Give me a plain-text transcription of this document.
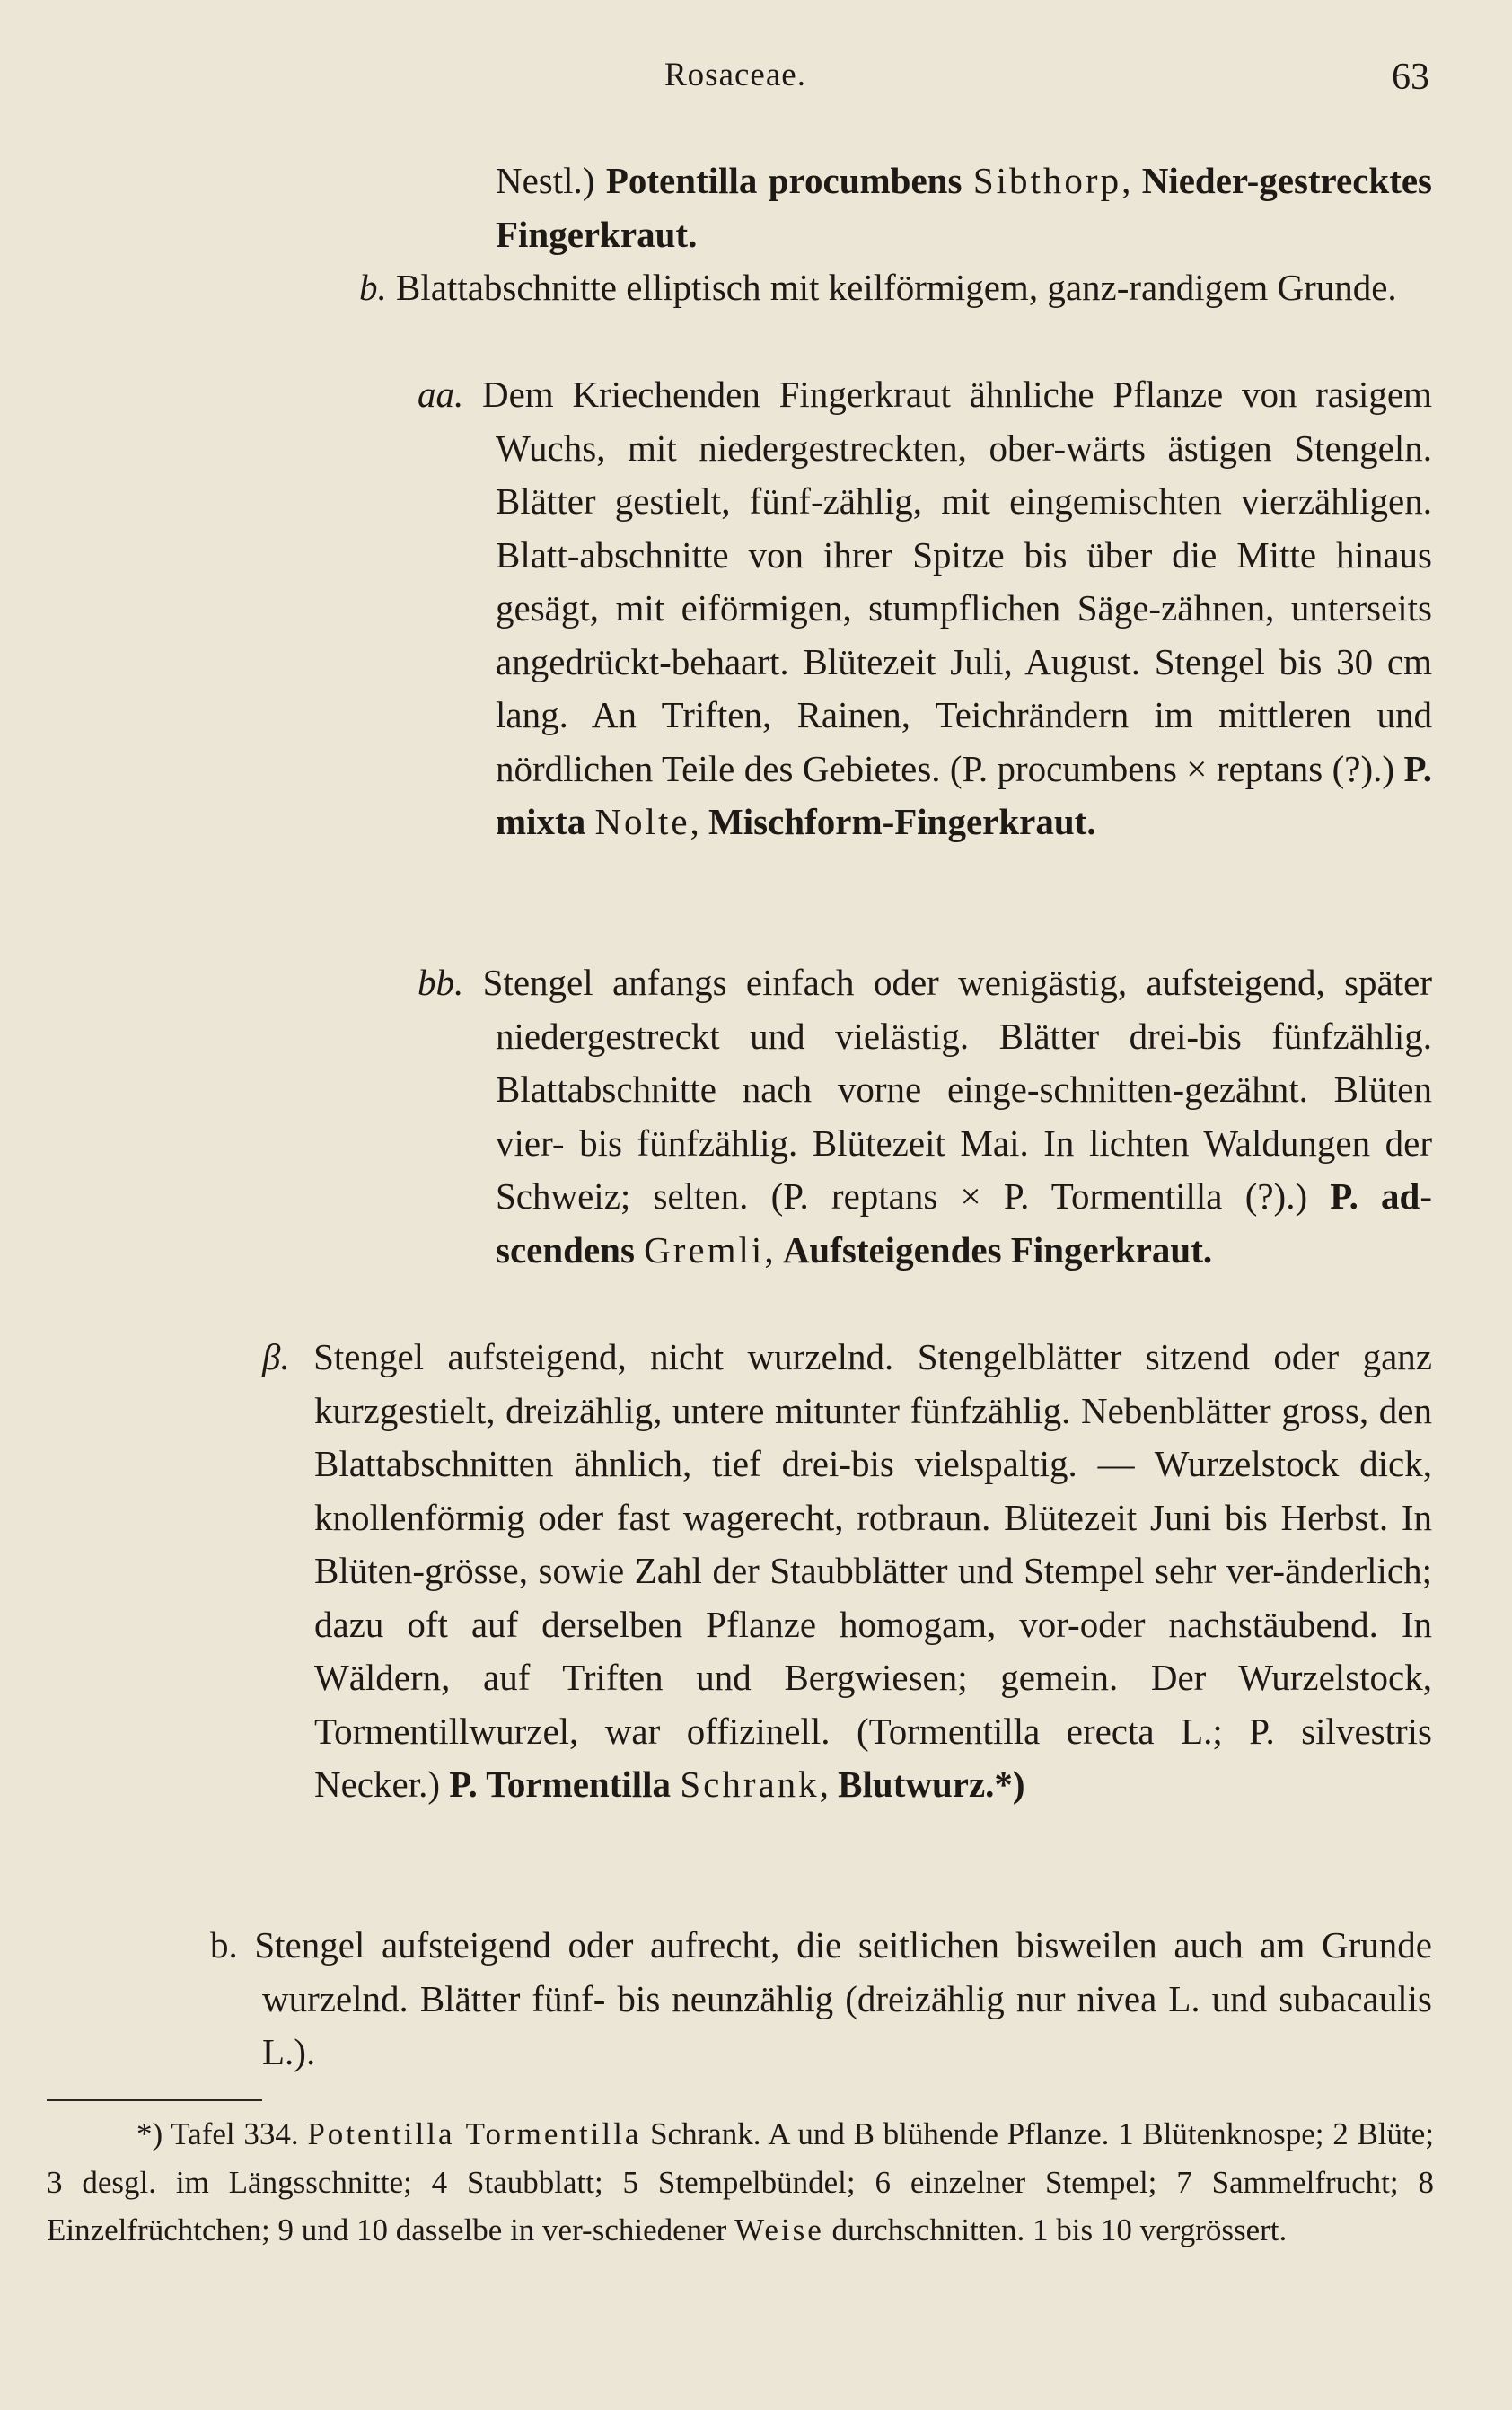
Rosaceae.	63

Nestl.) Potentilla procumbens Sibthorp, Nieder-gestrecktes Fingerkraut.

b. Blattabschnitte elliptisch mit keilförmigem, ganz-randigem Grunde.

aa. Dem Kriechenden Fingerkraut ähnliche Pflanze von rasigem Wuchs, mit niedergestreckten, ober-wärts ästigen Stengeln. Blätter gestielt, fünf-zählig, mit eingemischten vierzähligen. Blatt-abschnitte von ihrer Spitze bis über die Mitte hinaus gesägt, mit eiförmigen, stumpflichen Säge-zähnen, unterseits angedrückt-behaart. Blütezeit Juli, August. Stengel bis 30 cm lang. An Triften, Rainen, Teichrändern im mittleren und nördlichen Teile des Gebietes. (P. procumbens × reptans (?).) P. mixta Nolte, Mischform-Fingerkraut.

bb. Stengel anfangs einfach oder wenigästig, aufsteigend, später niedergestreckt und vielästig. Blätter drei-bis fünfzählig. Blattabschnitte nach vorne einge-schnitten-gezähnt. Blüten vier- bis fünfzählig. Blütezeit Mai. In lichten Waldungen der Schweiz; selten. (P. reptans × P. Tormentilla (?).) P. ad-scendens Gremli, Aufsteigendes Fingerkraut.

β. Stengel aufsteigend, nicht wurzelnd. Stengelblätter sitzend oder ganz kurzgestielt, dreizählig, untere mitunter fünfzählig. Nebenblätter gross, den Blattabschnitten ähnlich, tief drei-bis vielspaltig. — Wurzelstock dick, knollenförmig oder fast wagerecht, rotbraun. Blütezeit Juni bis Herbst. In Blüten-grösse, sowie Zahl der Staubblätter und Stempel sehr ver-änderlich; dazu oft auf derselben Pflanze homogam, vor-oder nachstäubend. In Wäldern, auf Triften und Bergwiesen; gemein. Der Wurzelstock, Tormentillwurzel, war offizinell. (Tormentilla erecta L.; P. silvestris Necker.) P. Tormentilla Schrank, Blutwurz.*)

b. Stengel aufsteigend oder aufrecht, die seitlichen bisweilen auch am Grunde wurzelnd. Blätter fünf- bis neunzählig (dreizählig nur nivea L. und subacaulis L.).

*) Tafel 334. Potentilla Tormentilla Schrank. A und B blühende Pflanze. 1 Blütenknospe; 2 Blüte; 3 desgl. im Längsschnitte; 4 Staubblatt; 5 Stempelbündel; 6 einzelner Stempel; 7 Sammelfrucht; 8 Einzelfrüchtchen; 9 und 10 dasselbe in ver-schiedener Weise durchschnitten. 1 bis 10 vergrössert.
